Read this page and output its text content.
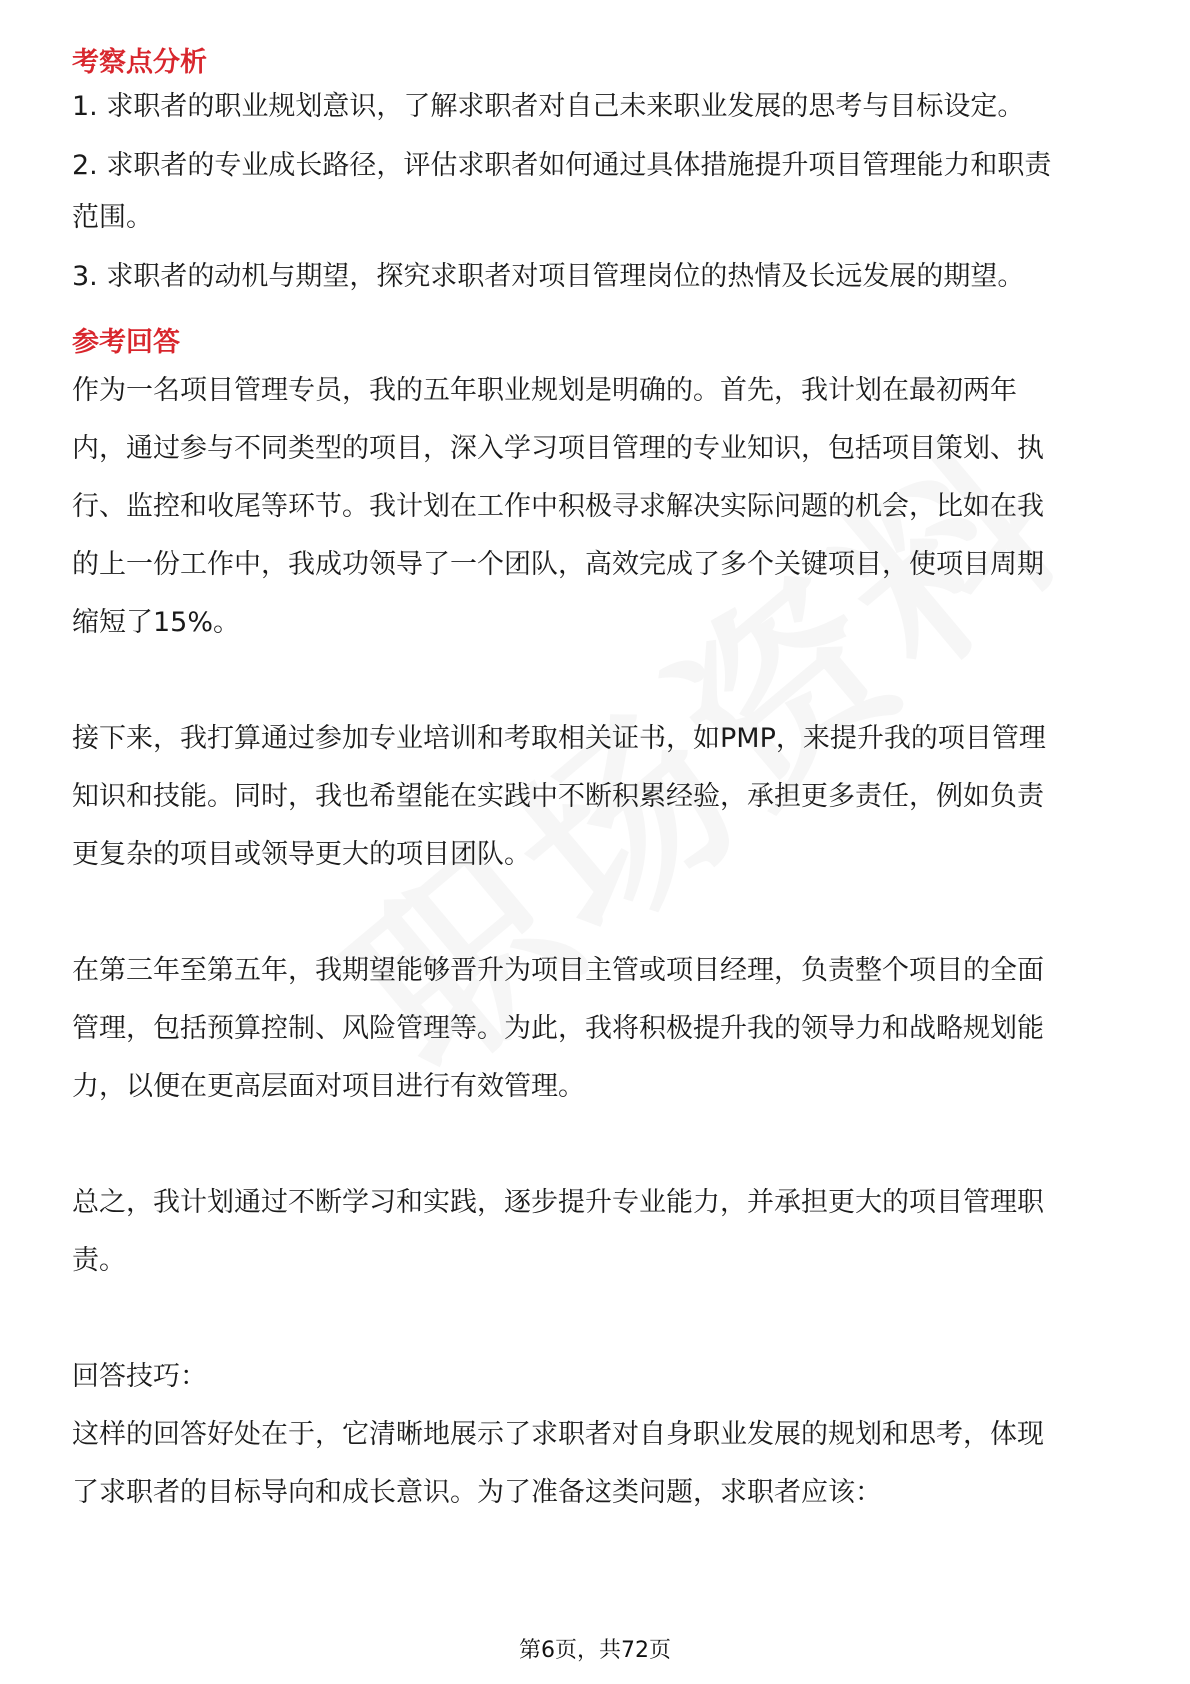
考察点分析
1. 求职者的职业规划意识，了解求职者对自己未来职业发展的思考与目标设定。
2. 求职者的专业成长路径，评估求职者如何通过具体措施提升项目管理能力和职责
范围。
3. 求职者的动机与期望，探究求职者对项目管理岗位的热情及长远发展的期望。
参考回答
作为一名项目管理专员，我的五年职业规划是明确的。首先，我计划在最初两年
内，通过参与不同类型的项目，深入学习项目管理的专业知识，包括项目策划、执
行、监控和收尾等环节。我计划在工作中积极寻求解决实际问题的机会，比如在我
的上一份工作中，我成功领导了一个团队，高效完成了多个关键项目，使项目周期
缩短了15%。
接下来，我打算通过参加专业培训和考取相关证书，如PMP，来提升我的项目管理
知识和技能。同时，我也希望能在实践中不断积累经验，承担更多责任，例如负责
更复杂的项目或领导更大的项目团队。
在第三年至第五年，我期望能够晋升为项目主管或项目经理，负责整个项目的全面
管理，包括预算控制、风险管理等。为此，我将积极提升我的领导力和战略规划能
力，以便在更高层面对项目进行有效管理。
总之，我计划通过不断学习和实践，逐步提升专业能力，并承担更大的项目管理职
责。
回答技巧：
这样的回答好处在于，它清晰地展示了求职者对自身职业发展的规划和思考，体现
了求职者的目标导向和成长意识。为了准备这类问题，求职者应该：
第6页，共72页
